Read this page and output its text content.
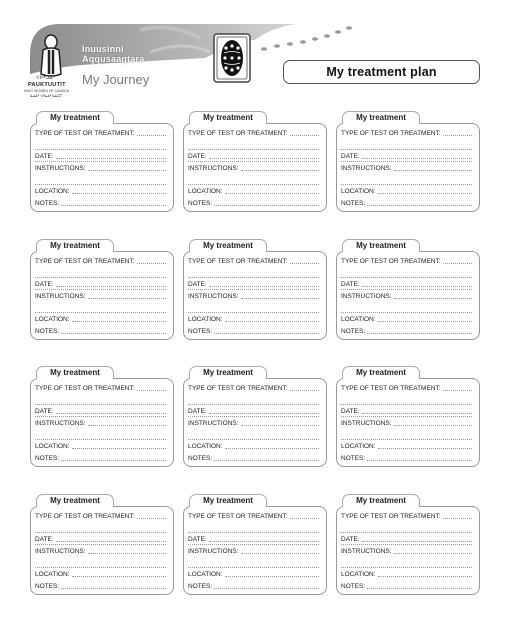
Inuusinni
Aqqusaaqtara
ᐸᐅᒃᑐᐃᑦ
PAUKTUUTIT
INUIT WOMEN OF CANADA
ᐃᓄᐃᑦ ᐊᕐᓇᐃᑦ ᑲᓇᑕᒥ
My Journey	My treatment plan
My treatment
TYPE OF TEST OR TREATMENT:
DATE:
INSTRUCTIONS:
LOCATION:
NOTES:
My treatment
TYPE OF TEST OR TREATMENT:
DATE:
INSTRUCTIONS:
LOCATION:
NOTES:
My treatment
TYPE OF TEST OR TREATMENT:
DATE:
INSTRUCTIONS:
LOCATION:
NOTES:
My treatment
TYPE OF TEST OR TREATMENT:
DATE:
INSTRUCTIONS:
LOCATION:
NOTES:
My treatment
TYPE OF TEST OR TREATMENT:
DATE:
INSTRUCTIONS:
LOCATION:
NOTES:
My treatment
TYPE OF TEST OR TREATMENT:
DATE:
INSTRUCTIONS:
LOCATION:
NOTES:
My treatment
TYPE OF TEST OR TREATMENT:
DATE:
INSTRUCTIONS:
LOCATION:
NOTES:
My treatment
TYPE OF TEST OR TREATMENT:
DATE:
INSTRUCTIONS:
LOCATION:
NOTES:
My treatment
TYPE OF TEST OR TREATMENT:
DATE:
INSTRUCTIONS:
LOCATION:
NOTES:
My treatment
TYPE OF TEST OR TREATMENT:
DATE:
INSTRUCTIONS:
LOCATION:
NOTES:
My treatment
TYPE OF TEST OR TREATMENT:
DATE:
INSTRUCTIONS:
LOCATION:
NOTES:
My treatment
TYPE OF TEST OR TREATMENT:
DATE:
INSTRUCTIONS:
LOCATION:
NOTES:
